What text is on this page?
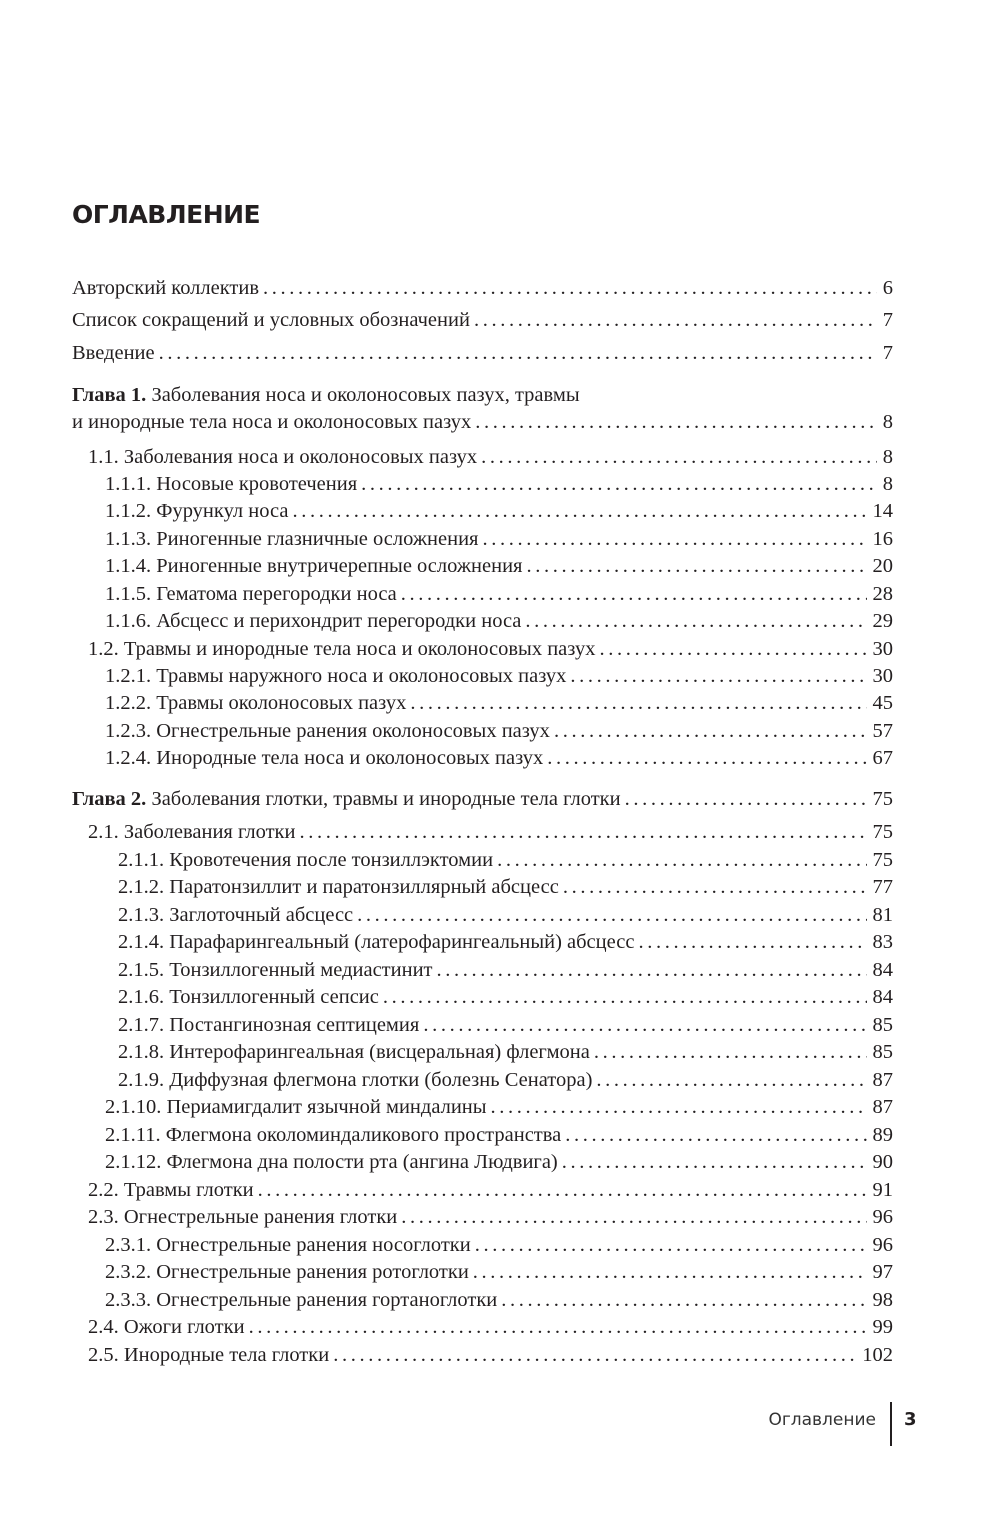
ОГЛАВЛЕНИЕ
Авторский коллектив . . .	6
Список сокращений и условных обозначений . . .	7
Введение . . .	7
Глава 1. Заболевания носа и околоносовых пазух, травмы
и инородные тела носа и околоносовых пазух . . .	8
1.1. Заболевания носа и околоносовых пазух . . .	8
1.1.1. Носовые кровотечения . . .	8
1.1.2. Фурункул носа . . .	14
1.1.3. Риногенные глазничные осложнения . . .	16
1.1.4. Риногенные внутричерепные осложнения . . .	20
1.1.5. Гематома перегородки носа . . .	28
1.1.6. Абсцесс и перихондрит перегородки носа . . .	29
1.2. Травмы и инородные тела носа и околоносовых пазух . . .	30
1.2.1. Травмы наружного носа и околоносовых пазух . . .	30
1.2.2. Травмы околоносовых пазух . . .	45
1.2.3. Огнестрельные ранения околоносовых пазух . . .	57
1.2.4. Инородные тела носа и околоносовых пазух . . .	67
Глава 2. Заболевания глотки, травмы и инородные тела глотки . . .	75
2.1. Заболевания глотки . . .	75
2.1.1. Кровотечения после тонзиллэктомии . . .	75
2.1.2. Паратонзиллит и паратонзиллярный абсцесс . . .	77
2.1.3. Заглоточный абсцесс . . .	81
2.1.4. Парафарингеальный (латерофарингеальный) абсцесс . . .	83
2.1.5. Тонзиллогенный медиастинит . . .	84
2.1.6. Тонзиллогенный сепсис . . .	84
2.1.7. Постангинозная септицемия . . .	85
2.1.8. Интерофарингеальная (висцеральная) флегмона . . .	85
2.1.9. Диффузная флегмона глотки (болезнь Сенатора) . . .	87
2.1.10. Периамигдалит язычной миндалины . . .	87
2.1.11. Флегмона околоминдаликового пространства . . .	89
2.1.12. Флегмона дна полости рта (ангина Людвига) . . .	90
2.2. Травмы глотки . . .	91
2.3. Огнестрельные ранения глотки . . .	96
2.3.1. Огнестрельные ранения носоглотки . . .	96
2.3.2. Огнестрельные ранения ротоглотки . . .	97
2.3.3. Огнестрельные ранения гортаноглотки . . .	98
2.4. Ожоги глотки . . .	99
2.5. Инородные тела глотки . . .	102
Оглавление 3
